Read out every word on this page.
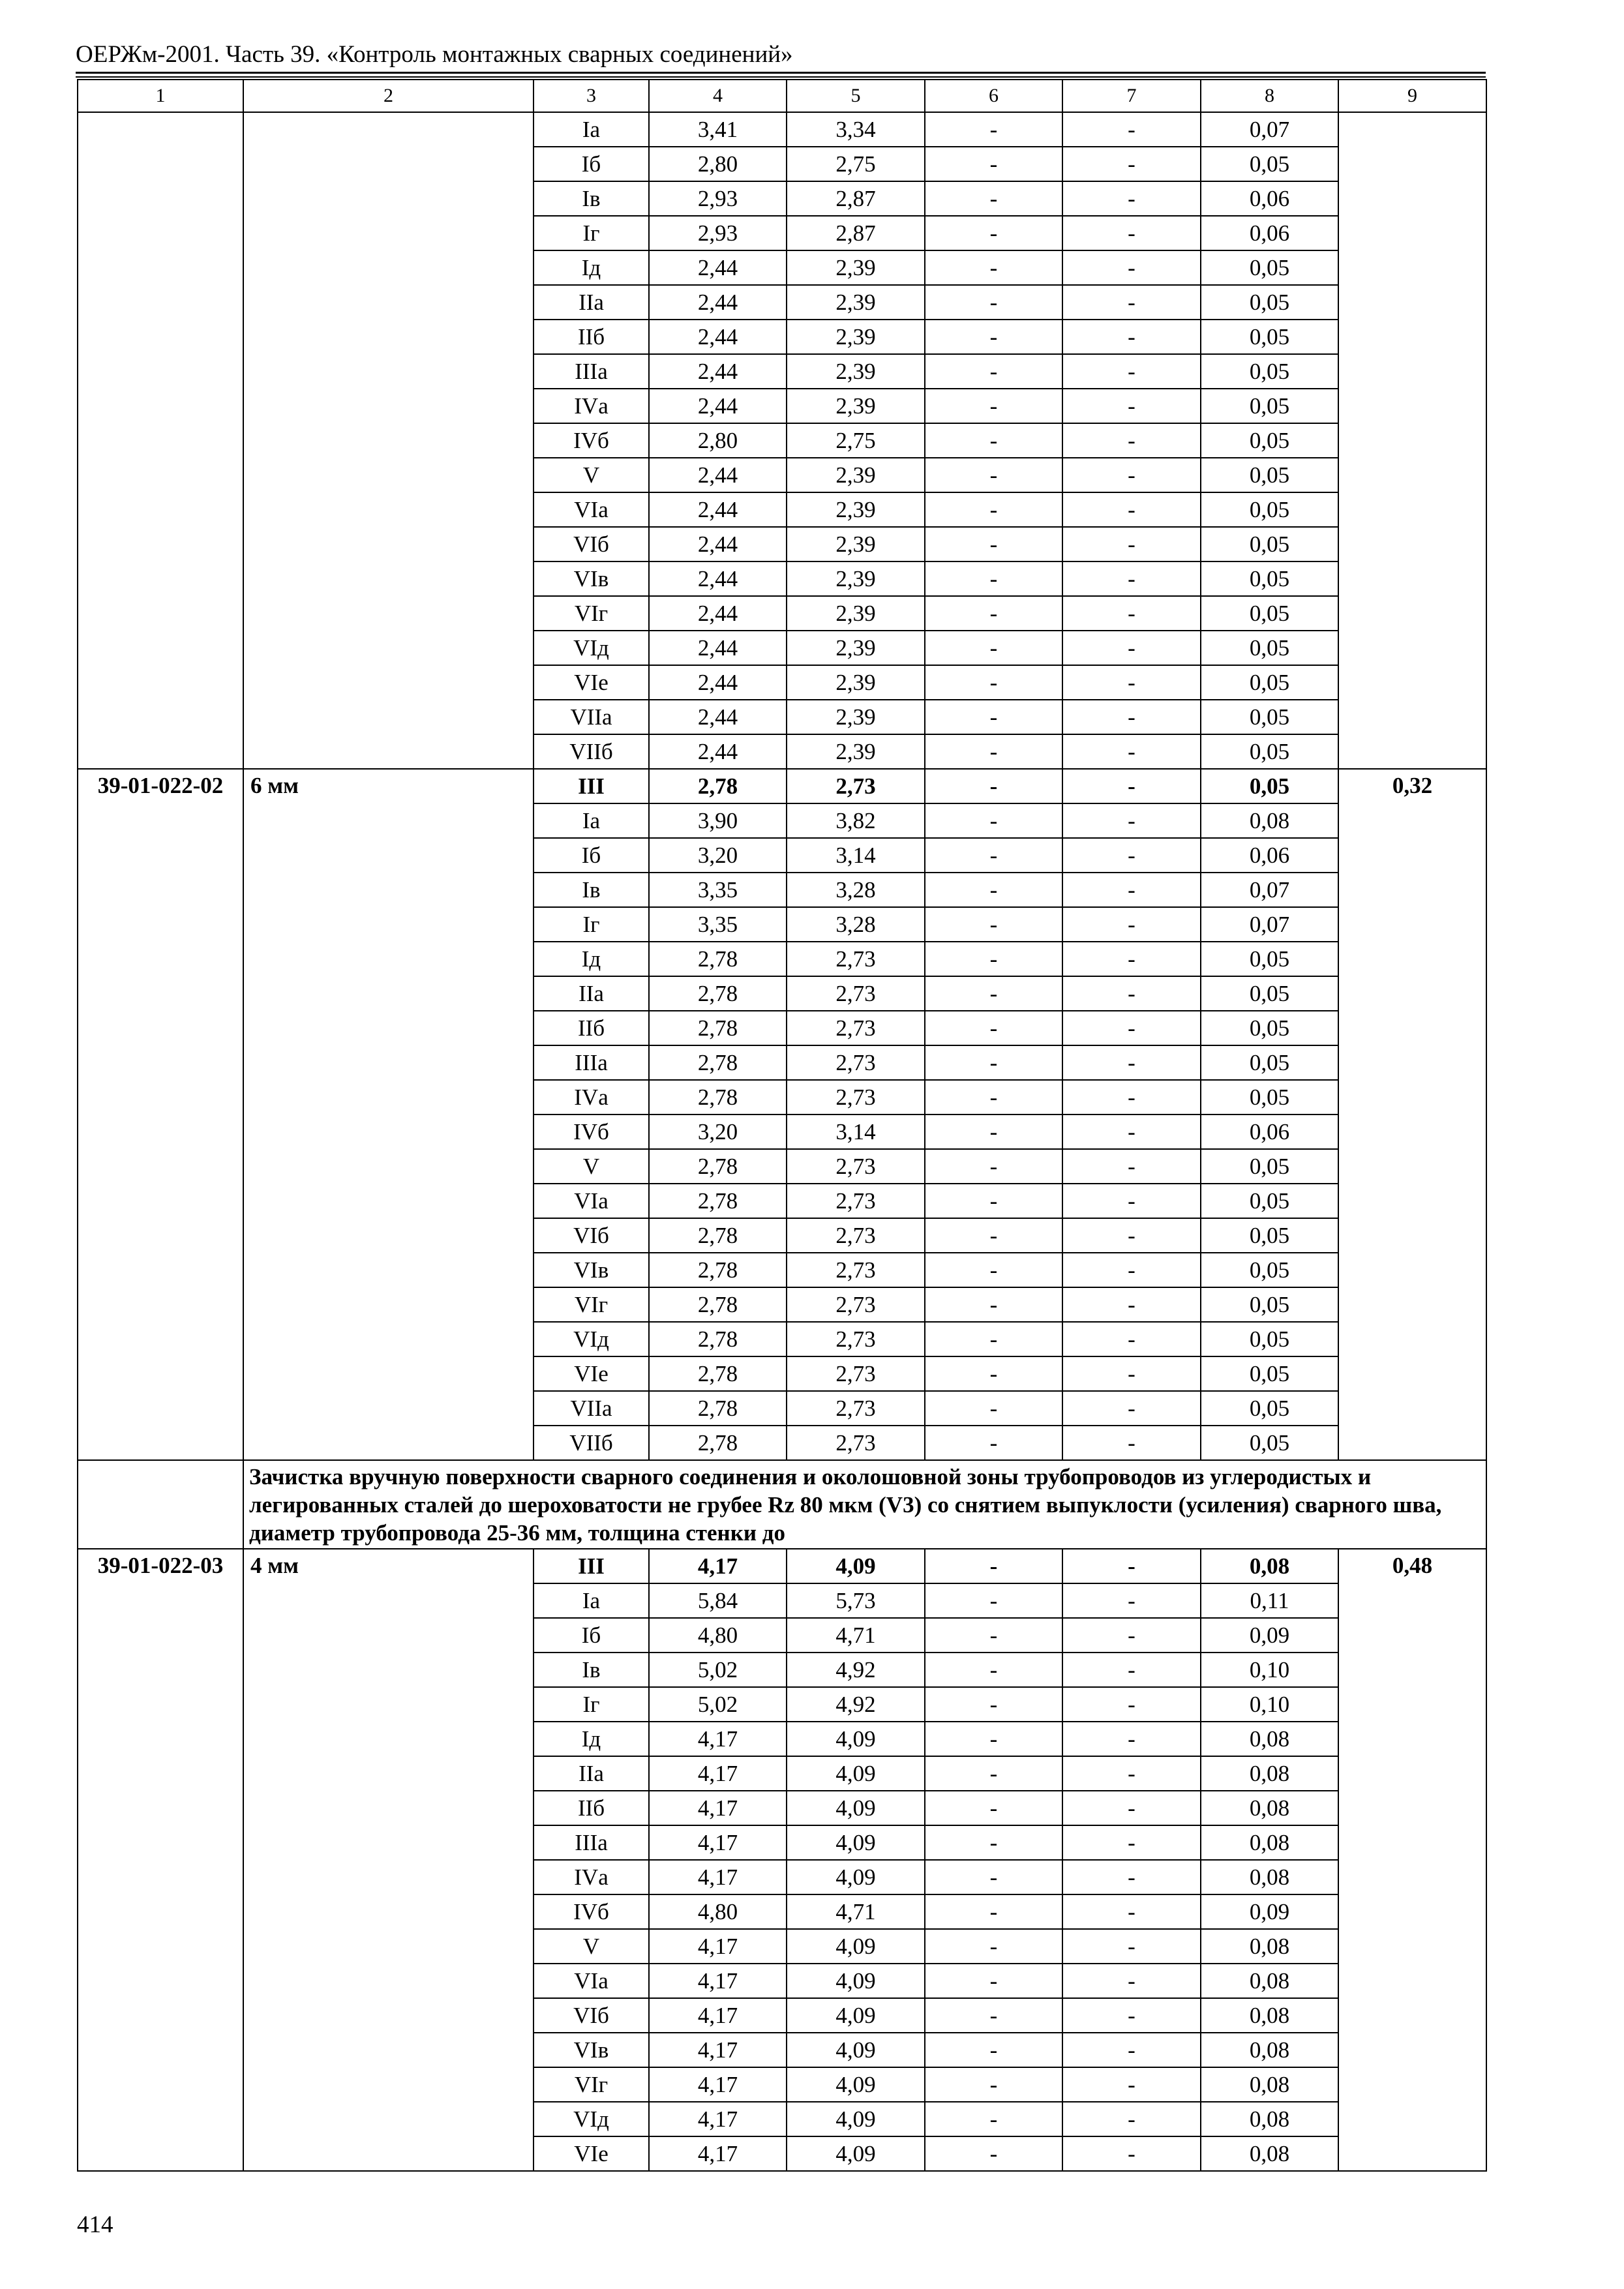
ОЕРЖм-2001. Часть 39. «Контроль монтажных сварных соединений»
1	2	3	4	5	6	7	8	9
		Iа	3,41	3,34	-	-	0,07	
		Iб	2,80	2,75	-	-	0,05	
		Iв	2,93	2,87	-	-	0,06	
		Iг	2,93	2,87	-	-	0,06	
		Iд	2,44	2,39	-	-	0,05	
		IIа	2,44	2,39	-	-	0,05	
		IIб	2,44	2,39	-	-	0,05	
		IIIа	2,44	2,39	-	-	0,05	
		IVа	2,44	2,39	-	-	0,05	
		IVб	2,80	2,75	-	-	0,05	
		V	2,44	2,39	-	-	0,05	
		VIа	2,44	2,39	-	-	0,05	
		VIб	2,44	2,39	-	-	0,05	
		VIв	2,44	2,39	-	-	0,05	
		VIг	2,44	2,39	-	-	0,05	
		VIд	2,44	2,39	-	-	0,05	
		VIе	2,44	2,39	-	-	0,05	
		VIIа	2,44	2,39	-	-	0,05	
		VIIб	2,44	2,39	-	-	0,05	
39-01-022-02	6 мм	III	2,78	2,73	-	-	0,05	0,32
		Iа	3,90	3,82	-	-	0,08	
		Iб	3,20	3,14	-	-	0,06	
		Iв	3,35	3,28	-	-	0,07	
		Iг	3,35	3,28	-	-	0,07	
		Iд	2,78	2,73	-	-	0,05	
		IIа	2,78	2,73	-	-	0,05	
		IIб	2,78	2,73	-	-	0,05	
		IIIа	2,78	2,73	-	-	0,05	
		IVа	2,78	2,73	-	-	0,05	
		IVб	3,20	3,14	-	-	0,06	
		V	2,78	2,73	-	-	0,05	
		VIа	2,78	2,73	-	-	0,05	
		VIб	2,78	2,73	-	-	0,05	
		VIв	2,78	2,73	-	-	0,05	
		VIг	2,78	2,73	-	-	0,05	
		VIд	2,78	2,73	-	-	0,05	
		VIе	2,78	2,73	-	-	0,05	
		VIIа	2,78	2,73	-	-	0,05	
		VIIб	2,78	2,73	-	-	0,05	
	Зачистка вручную поверхности сварного соединения и околошовной зоны трубопроводов из углеродистых и легированных сталей до шероховатости не грубее Rz 80 мкм (V3) со снятием выпуклости (усиления) сварного шва, диаметр трубопровода 25-36 мм, толщина стенки до							
39-01-022-03	4 мм	III	4,17	4,09	-	-	0,08	0,48
		Iа	5,84	5,73	-	-	0,11	
		Iб	4,80	4,71	-	-	0,09	
		Iв	5,02	4,92	-	-	0,10	
		Iг	5,02	4,92	-	-	0,10	
		Iд	4,17	4,09	-	-	0,08	
		IIа	4,17	4,09	-	-	0,08	
		IIб	4,17	4,09	-	-	0,08	
		IIIа	4,17	4,09	-	-	0,08	
		IVа	4,17	4,09	-	-	0,08	
		IVб	4,80	4,71	-	-	0,09	
		V	4,17	4,09	-	-	0,08	
		VIа	4,17	4,09	-	-	0,08	
		VIб	4,17	4,09	-	-	0,08	
		VIв	4,17	4,09	-	-	0,08	
		VIг	4,17	4,09	-	-	0,08	
		VIд	4,17	4,09	-	-	0,08	
		VIе	4,17	4,09	-	-	0,08	
414
